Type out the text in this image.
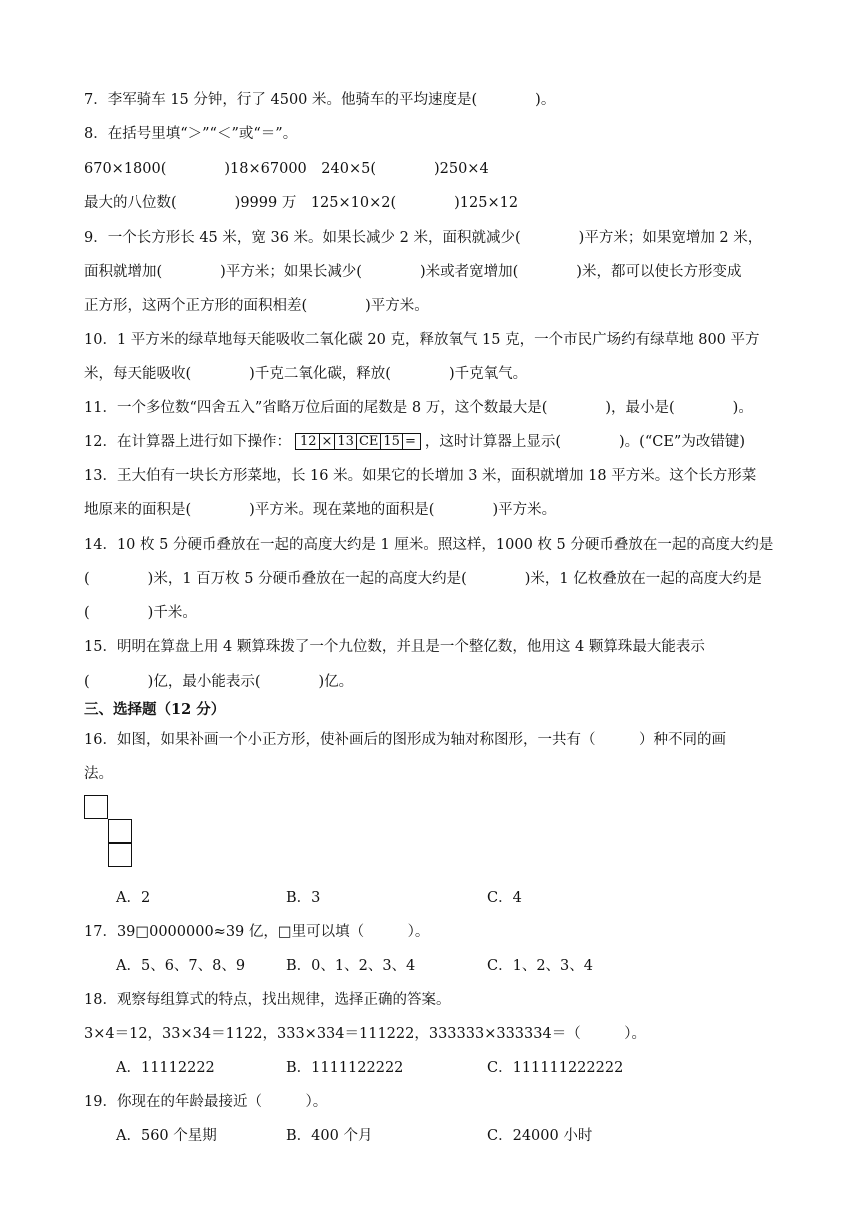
7．李军骑车 15 分钟，行了 4500 米。他骑车的平均速度是(　　　　)。
8．在括号里填“＞”“＜”或“＝”。
670×1800(　　　　)18×67000　240×5(　　　　)250×4
最大的八位数(　　　　)9999 万　125×10×2(　　　　)125×12
9．一个长方形长 45 米，宽 36 米。如果长减少 2 米，面积就减少(　　　　)平方米；如果宽增加 2 米，
面积就增加(　　　　)平方米；如果长减少(　　　　)米或者宽增加(　　　　)米，都可以使长方形变成
正方形，这两个正方形的面积相差(　　　　)平方米。
10．1 平方米的绿草地每天能吸收二氧化碳 20 克，释放氧气 15 克，一个市民广场约有绿草地 800 平方
米，每天能吸收(　　　　)千克二氧化碳，释放(　　　　)千克氧气。
11．一个多位数“四舍五入”省略万位后面的尾数是 8 万，这个数最大是(　　　　)，最小是(　　　　)。
12．在计算器上进行如下操作： 12 × 13 CE 15 = ，这时计算器上显示(　　　　)。(“CE”为改错键)
13．王大伯有一块长方形菜地，长 16 米。如果它的长增加 3 米，面积就增加 18 平方米。这个长方形菜
地原来的面积是(　　　　)平方米。现在菜地的面积是(　　　　)平方米。
14．10 枚 5 分硬币叠放在一起的高度大约是 1 厘米。照这样，1000 枚 5 分硬币叠放在一起的高度大约是
(　　　　)米，1 百万枚 5 分硬币叠放在一起的高度大约是(　　　　)米，1 亿枚叠放在一起的高度大约是
(　　　　)千米。
15．明明在算盘上用 4 颗算珠拨了一个九位数，并且是一个整亿数，他用这 4 颗算珠最大能表示
(　　　　)亿，最小能表示(　　　　)亿。
三、选择题（12 分）
16．如图，如果补画一个小正方形，使补画后的图形成为轴对称图形，一共有（　　　）种不同的画
法。
A．2	B．3	C．4
17．39□0000000≈39 亿，□里可以填（　　　）。
A．5、6、7、8、9	B．0、1、2、3、4	C．1、2、3、4
18．观察每组算式的特点，找出规律，选择正确的答案。
3×4＝12，33×34＝1122，333×334＝111222，333333×333334＝（　　　）。
A．11112222	B．1111122222	C．111111222222
19．你现在的年龄最接近（　　　）。
A．560 个星期	B．400 个月	C．24000 小时
